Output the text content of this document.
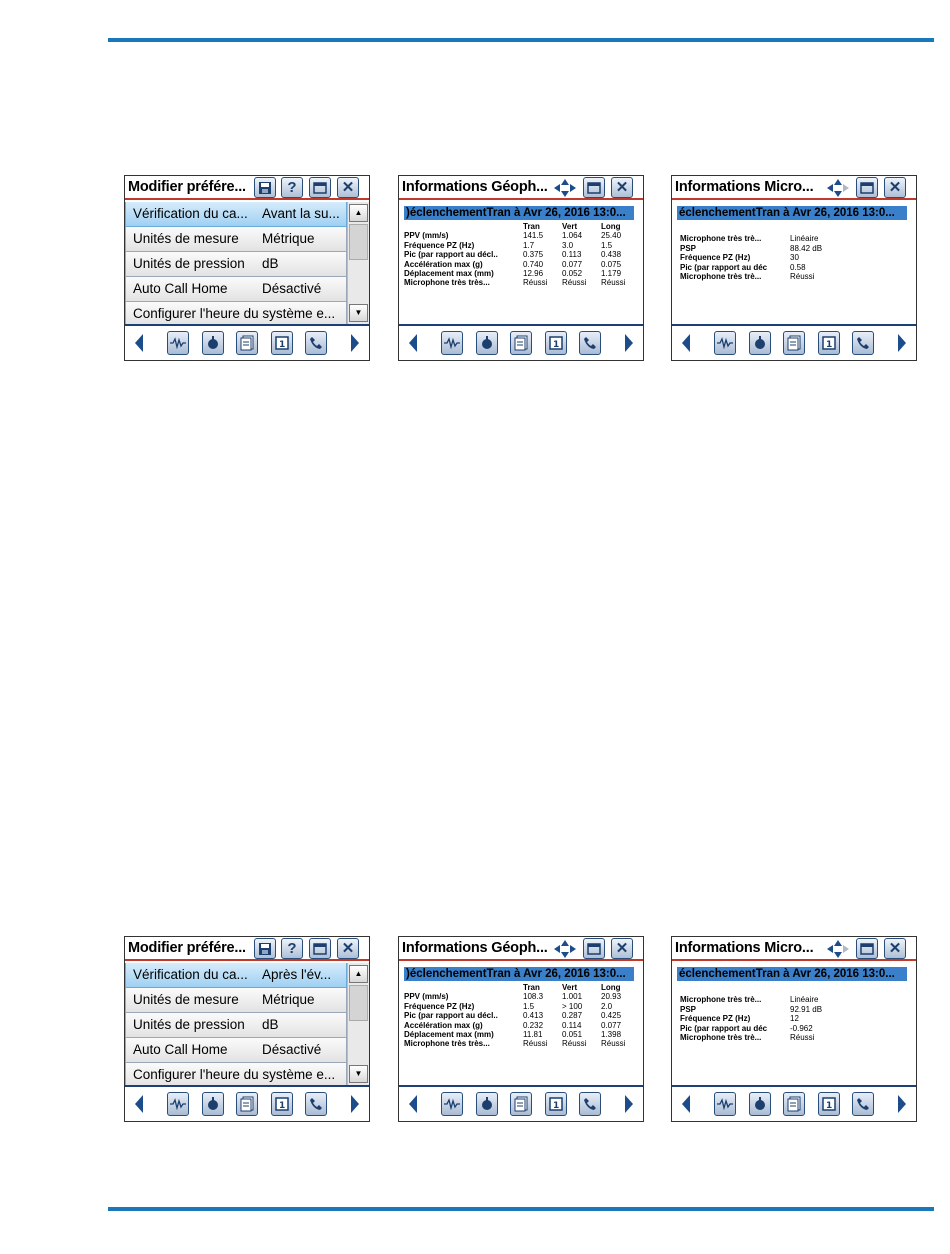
Modifier préfére...	?	✕
Vérification du ca... Avant la su...
Unités de mesure Métrique
Unités de pression dB
Auto Call Home	Désactivé
Configurer l'heure du système e...
▲
▼
1
Informations Géoph...	✕
)éclenchementTran à Avr 26, 2016 13:0...
Tran	Vert	Long
PPV (mm/s)	141.5 1.064 25.40
Fréquence PZ (Hz)	1.7	3.0	1.5
Pic (par rapport au décl..	0.375 0.113 0.438
Accélération max (g)	0.740 0.077 0.075
Déplacement max (mm)	12.96 0.052 1.179
Microphone très très...	Réussi Réussi Réussi
1
Informations Micro...	✕
éclenchementTran à Avr 26, 2016 13:0...
Microphone très trè...	Linéaire
PSP	88.42 dB
Fréquence PZ (Hz)	30
Pic (par rapport au déc	0.58
Microphone très trè...	Réussi
1
Modifier préfére...	?	✕
Vérification du ca... Après l'év...
Unités de mesure Métrique
Unités de pression dB
Auto Call Home	Désactivé
Configurer l'heure du système e...
▲
▼
1
Informations Géoph...	✕
)éclenchementTran à Avr 26, 2016 13:0...
Tran	Vert	Long
PPV (mm/s)	108.3 1.001 20.93
Fréquence PZ (Hz)	1.5	> 100 2.0
Pic (par rapport au décl..	0.413 0.287 0.425
Accélération max (g)	0.232 0.114 0.077
Déplacement max (mm)	11.81 0.051 1.398
Microphone très très...	Réussi Réussi Réussi
1
Informations Micro...	✕
éclenchementTran à Avr 26, 2016 13:0...
Microphone très trè...	Linéaire
PSP	92.91 dB
Fréquence PZ (Hz)	12
Pic (par rapport au déc	-0.962
Microphone très trè...	Réussi
1
